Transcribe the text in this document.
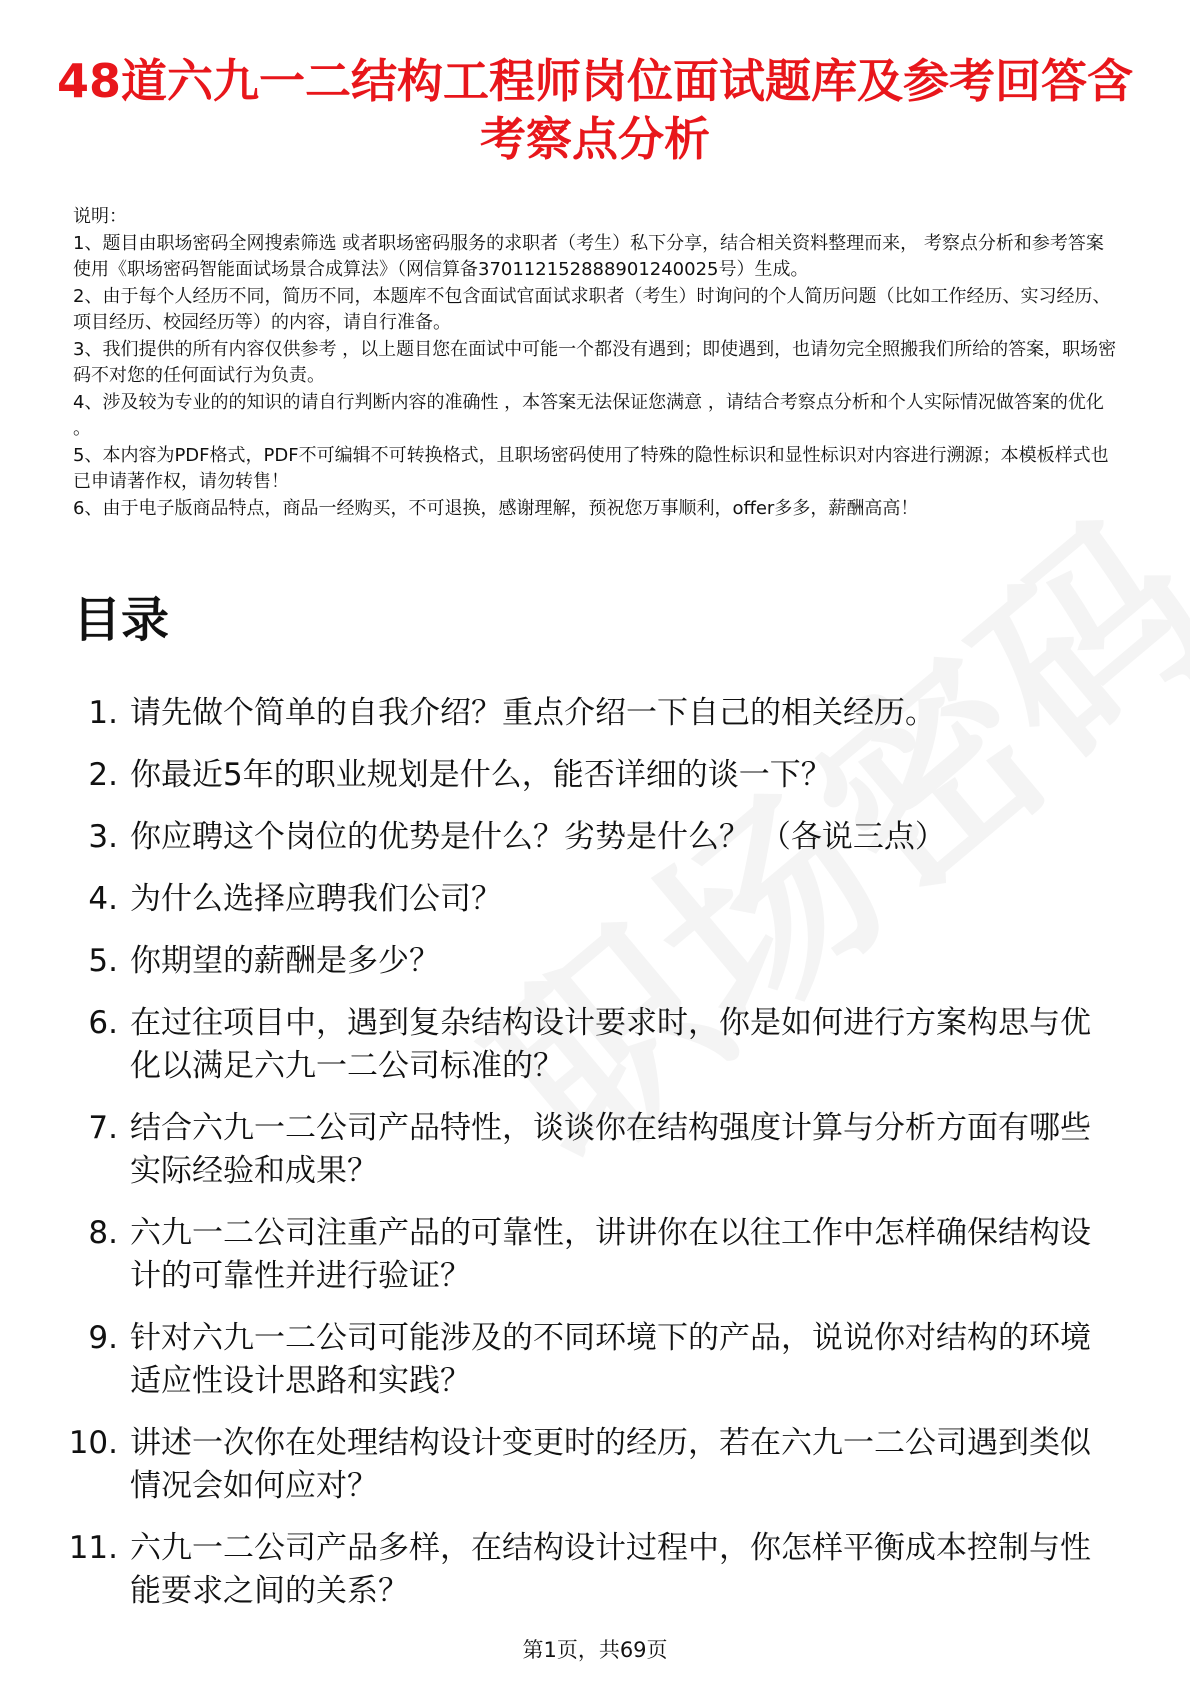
48道六九一二结构工程师岗位面试题库及参考回答含考察点分析
说明：
1、题目由职场密码全网搜索筛选 或者职场密码服务的求职者（考生）私下分享，结合相关资料整理而来， 考察点分析和参考答案使用《职场密码智能面试场景合成算法》（网信算备370112152888901240025号）生成。
2、由于每个人经历不同，简历不同，本题库不包含面试官面试求职者（考生）时询问的个人简历问题（比如工作经历、实习经历、项目经历、校园经历等）的内容，请自行准备。
3、我们提供的所有内容仅供参考 ，以上题目您在面试中可能一个都没有遇到；即使遇到，也请勿完全照搬我们所给的答案，职场密码不对您的任何面试行为负责。
4、涉及较为专业的的知识的请自行判断内容的准确性 ，本答案无法保证您满意 ，请结合考察点分析和个人实际情况做答案的优化 。
5、本内容为PDF格式，PDF不可编辑不可转换格式，且职场密码使用了特殊的隐性标识和显性标识对内容进行溯源；本模板样式也已申请著作权，请勿转售！
6、由于电子版商品特点，商品一经购买，不可退换，感谢理解，预祝您万事顺利，offer多多，薪酬高高！
目录
1. 请先做个简单的自我介绍？重点介绍一下自己的相关经历。
2. 你最近5年的职业规划是什么，能否详细的谈一下？
3. 你应聘这个岗位的优势是什么？劣势是什么？ （各说三点）
4. 为什么选择应聘我们公司？
5. 你期望的薪酬是多少？
6. 在过往项目中，遇到复杂结构设计要求时，你是如何进行方案构思与优化以满足六九一二公司标准的？
7. 结合六九一二公司产品特性，谈谈你在结构强度计算与分析方面有哪些实际经验和成果？
8. 六九一二公司注重产品的可靠性，讲讲你在以往工作中怎样确保结构设计的可靠性并进行验证？
9. 针对六九一二公司可能涉及的不同环境下的产品，说说你对结构的环境适应性设计思路和实践？
10. 讲述一次你在处理结构设计变更时的经历，若在六九一二公司遇到类似情况会如何应对？
11. 六九一二公司产品多样，在结构设计过程中，你怎样平衡成本控制与性能要求之间的关系？
第1页，共69页
